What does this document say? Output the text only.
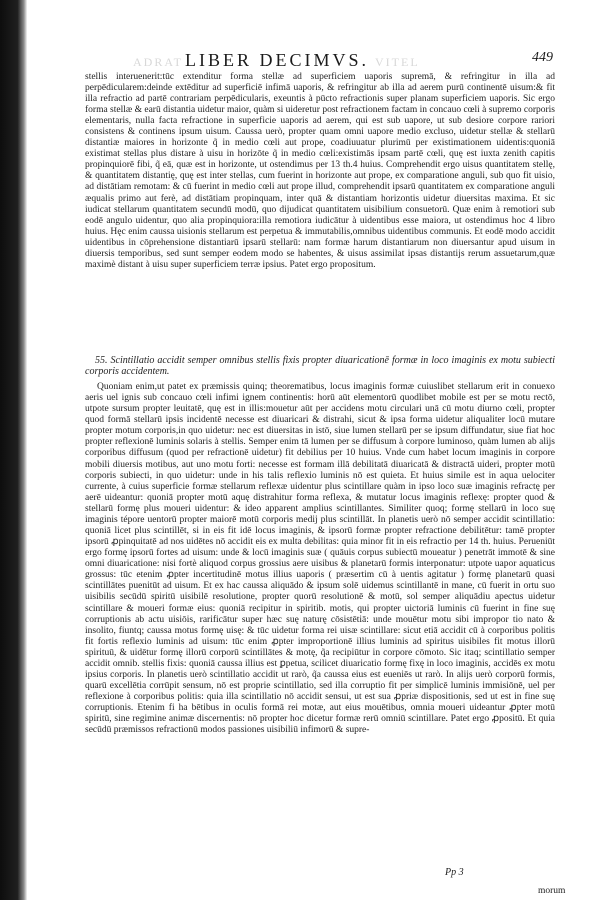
ADRAT LIBER DECIMVS. VITEL	449
stellis interuenerit:tūc extenditur forma stellæ ad superficiem uaporis supremā, & refringitur in illa ad perpēdicularem:deinde extēditur ad superficiē infimā uaporis, & refringitur ab illa ad aerem purū continentē uisum:& fit illa refractio ad partē contrariam perpēdicularis, exeuntis à pūcto refractionis super planam superficiem uaporis. Sic ergo forma stellæ & earū distantia uidetur maior, quàm si uideretur post refractionem factam in concauo cœli à supremo corporis elementaris, nulla facta refractione in superficie uaporis ad aerem, qui est sub uapore, ut sub desiore corpore rariori consistens & continens ipsum uisum. Caussa uerò, propter quam omni uapore medio excluso, uidetur stellæ & stellarū distantiæ maiores in horizonte q̃ in medio cœli aut prope, coadiuuatur plurimū per existimationem uidentis:quoniā existimat stellas plus distare à uisu in horizōte q̃ in medio cœli:existimās ipsam partē cœli, quę est iuxta zenith capitis propinquiorē fibi, q̃ eā, quæ est in horizonte, ut ostendimus per 13 th.4 huius. Comprehendit ergo uisus quantitatem stellę, & quantitatem distantię, quę est inter stellas, cum fuerint in horizonte aut prope, ex comparatione anguli, sub quo fit uisio, ad distātiam remotam: & cū fuerint in medio cœli aut prope illud, comprehendit ipsarū quantitatem ex comparatione anguli æqualis primo aut ferè, ad distātiam propinquam, inter quā & distantiam horizontis uidetur diuersitas maxima. Et sic iudicat stellarum quantitatem secundū modū, quo dijudicat quantitatem uisibilium consuetorū. Quæ enim à remotiori sub eodē angulo uidentur, quo alia propinquiora:illa remotiora iudicātur à uidentibus esse maiora, ut ostendimus hoc 4 libro huius. Hęc enim caussa uisionis stellarum est perpetua & immutabilis,omnibus uidentibus communis. Et eodē modo accidit uidentibus in cōprehensione distantiarū ipsarū stellarū: nam formæ harum distantiarum non diuersantur apud uisum in diuersis temporibus, sed sunt semper eodem modo se habentes, & uisus assimilat ipsas distantijs rerum assuetarum,quæ maximè distant à uisu super superficiem terræ ipsius. Patet ergo propositum.
55. Scintillatio accidit semper omnibus stellis fixis propter diuaricationē formæ in loco imaginis ex motu subiecti corporis accidentem.
Quoniam enim,ut patet ex præmissis quinq; theorematibus, locus imaginis formæ cuiuslibet stellarum erit in conuexo aeris uel ignis sub concauo cœli infimi ignem continentis: horū aūt elementorū quodlibet mobile est per se motu rectō, utpote sursum propter leuitatē, quę est in illis:mouetur aūt per accidens motu circulari unā cū motu diurno cœli, propter quod formā stellarū ipsis incidentē necesse est diuaricari & distrahi, sicut & ipsa forma uidetur aliqualiter locū mutare propter motum corporis,in quo uidetur: nec est diuersitas in istō, siue lumen stellarū per se ipsum diffundatur, siue fiat hoc propter reflexionē luminis solaris à stellis. Semper enim tā lumen per se diffusum à corpore luminoso, quàm lumen ab alijs corporibus diffusum (quod per refractionē uidetur) fit debilius per 10 huius. Vnde cum habet locum imaginis in corpore mobili diuersis motibus, aut uno motu forti: necesse est formam illā debilitatā diuaricatā & distractā uideri, propter motū corporis subiecti, in quo uidetur: unde in his talis reflexio luminis nō est quieta. Et huius simile est in aqua uelociter currente, à cuius superficie formæ stellarum reflexæ uidentur plus scintillare quàm in ipso loco suæ imaginis refractę per aerē uideantur: quoniā propter motū aquę distrahitur forma reflexa, & mutatur locus imaginis reflexę: propter quod & stellarū formę plus moueri uidentur: & ideo apparent amplius scintillantes. Similiter quoq; formę stellarū in loco suę imaginis tépore uentorū propter maiorē motū corporis medij plus scintillāt. In planetis uerò nō semper accidit scintillatio: quoniā licet plus scintillēt, si in eis fit idē locus imaginis, & ipsorū formæ propter refractione debilitētur: tamē propter ipsorū ꝓpinquitatē ad nos uidētes nō accidit eis ex multa debilitas: quia minor fit in eis refractio per 14 th. huius. Perueniūt ergo formę ipsorū fortes ad uisum: unde & locū imaginis suæ ( quāuis corpus subiectū moueatur ) penetrāt immotē & sine omni diuaricatione: nisi fortè aliquod corpus grossius aere uisibus & planetarū formis interponatur: utpote uapor aquaticus grossus: tūc etenim ꝓpter incertitudinē motus illius uaporis ( præsertim cū à uentis agitatur ) formę planetarū quasi scintillātes puenitūt ad uisum. Et ex hac caussa aliquādo & ipsum solē uidemus scintillantē in mane, cū fuerit in ortu suo uisibilis secūdū spiritū uisibilē resolutione, propter quorū resolutionē & motū, sol semper aliquādiu apectus uidetur scintillare & moueri formæ eius: quoniā recipitur in spiritib. motis, qui propter uictoriā luminis cū fuerint in fine suę corruptionis ab actu uisiōis, rarificātur super hæc suę naturę cōsistētiā: unde mouētur motu sibi impropor tio nato & insolito, fiuntq; caussa motus formę uisę: & tūc uidetur forma rei uisæ scintillare: sicut etiā accidit cū à corporibus politis fit fortis reflexio luminis ad uisum: tūc enim ꝓpter improportionē illius luminis ad spiritus uisibiles fit motus illorū spirituū, & uidētur formę illorū corporū scintillātes & motę, q̃a recipiūtur in corpore cōmoto. Sic itaq; scintillatio semper accidit omnib. stellis fixis: quoniā caussa illius est ꝑpetua, scilicet diuaricatio formę fixę in loco imaginis, accidēs ex motu ipsius corporis. In planetis uerò scintillatio accidit ut rarò, q̃a caussa eius est eueniēs ut rarò. In alijs uerò corporū formis, quarū excellētia corrūpit sensum, nō est proprie scintillatio, sed illa corruptio fit per simplicē luminis immisiōnē, uel per reflexione à corporibus politis: quia illa scintillatio nō accidit sensui, ut est sua ꝓpriæ dispositionis, sed ut est in fine suę corruptionis. Etenim fi ha bētibus in oculis formā rei motæ, aut eius mouētibus, omnia moueri uideantur ꝓpter motū spiritū, sine regimine animæ discernentis: nō propter hoc dicetur formæ rerū omniū scintillare. Patet ergo ꝓpositū. Et quia secūdū præmissos refractionū modos passiones uisibiliū infimorū & supre-
Pp 3
morum
